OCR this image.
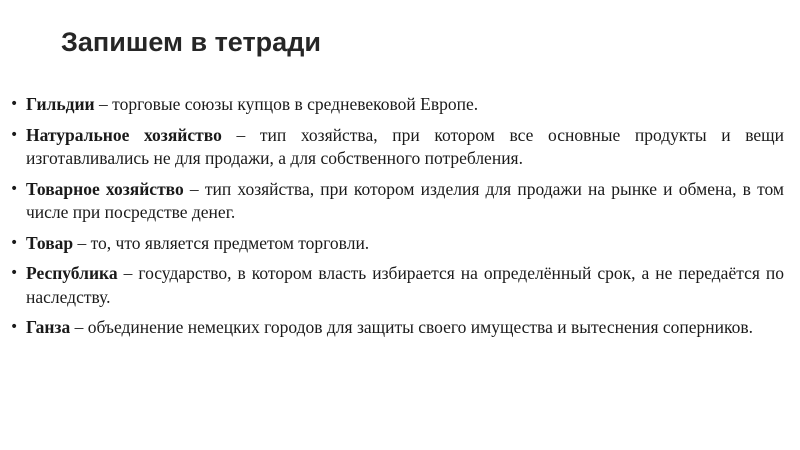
Запишем в тетради
• Гильдии – торговые союзы купцов в средневековой Европе.
• Натуральное хозяйство – тип хозяйства, при котором все основные продукты и вещи изготавливались не для продажи, а для собственного потребления.
• Товарное хозяйство – тип хозяйства, при котором изделия для продажи на рынке и обмена, в том числе при посредстве денег.
• Товар – то, что является предметом торговли.
• Республика – государство, в котором власть избирается на определённый срок, а не передаётся по наследству.
• Ганза – объединение немецких городов для защиты своего имущества и вытеснения соперников.
